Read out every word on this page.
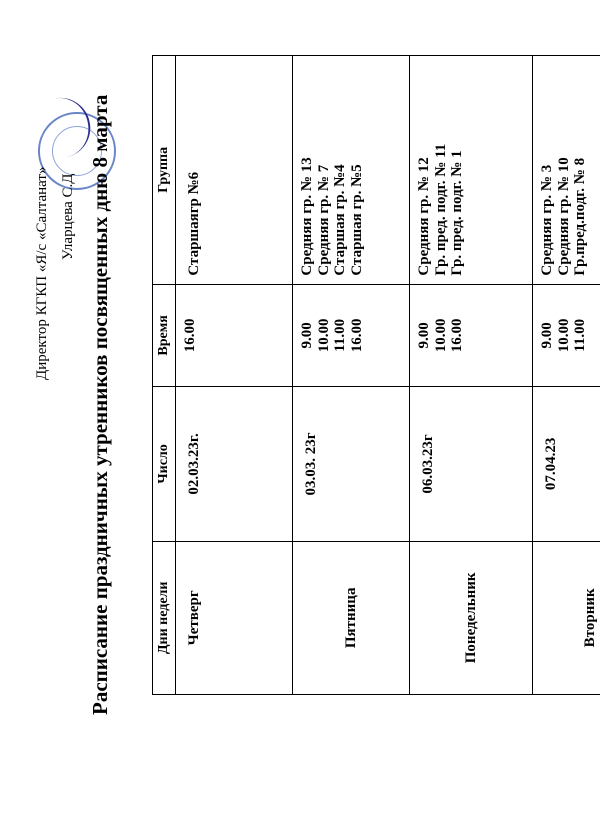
Директор КГКП «Я/с «Салтанат» Уларцева С.Д Расписание праздничных утренников посвященных дню 8 марта	Дни недели	Число	Время	Группа
Четверг	02.03.23г.	16.00	Старшаягр №6

Пятница	03.03. 23г	9.00 10.00 11.00 16.00	Средняя гр. № 13 Средняя гр. № 7 Старшая гр. №4 Старшая гр. №5

Понедельник	06.03.23г	9.00 10.00 16.00	Средняя гр. № 12 Гр. пред. подг. № 11 Гр. пред. подг. № 1

Вторник	07.04.23	9.00 10.00 11.00	Средняя гр. № 3 Средняя гр. № 10 Гр.пред.подг. № 8
